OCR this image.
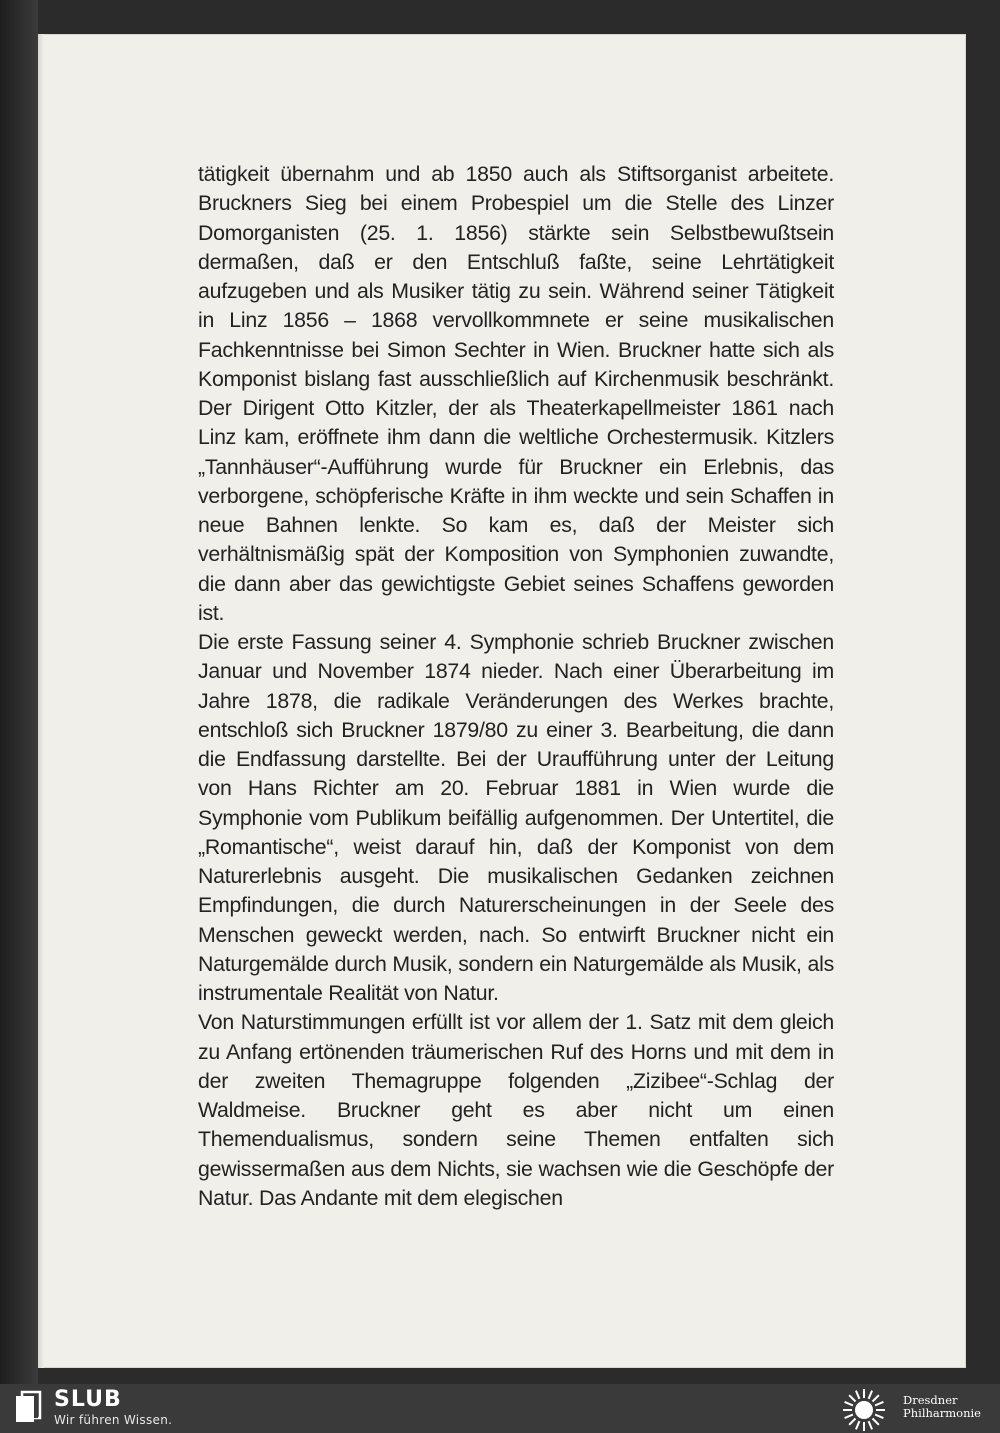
tätigkeit übernahm und ab 1850 auch als Stiftsorganist arbeitete. Bruckners Sieg bei einem Probespiel um die Stelle des Linzer Domorganisten (25. 1. 1856) stärkte sein Selbstbewußtsein dermaßen, daß er den Entschluß faßte, seine Lehrtätigkeit aufzugeben und als Musiker tätig zu sein. Während seiner Tätigkeit in Linz 1856 – 1868 vervollkommnete er seine musikalischen Fachkenntnisse bei Simon Sechter in Wien. Bruckner hatte sich als Komponist bislang fast ausschließlich auf Kirchenmusik beschränkt. Der Dirigent Otto Kitzler, der als Theaterkapellmeister 1861 nach Linz kam, eröffnete ihm dann die weltliche Orchestermusik. Kitzlers „Tannhäuser“-Aufführung wurde für Bruckner ein Erlebnis, das verborgene, schöpferische Kräfte in ihm weckte und sein Schaffen in neue Bahnen lenkte. So kam es, daß der Meister sich verhältnismäßig spät der Komposition von Symphonien zuwandte, die dann aber das gewichtigste Gebiet seines Schaffens geworden ist.

Die erste Fassung seiner 4. Symphonie schrieb Bruckner zwischen Januar und November 1874 nieder. Nach einer Überarbeitung im Jahre 1878, die radikale Veränderungen des Werkes brachte, entschloß sich Bruckner 1879/80 zu einer 3. Bearbeitung, die dann die Endfassung darstellte. Bei der Uraufführung unter der Leitung von Hans Richter am 20. Februar 1881 in Wien wurde die Symphonie vom Publikum beifällig aufgenommen. Der Untertitel, die „Romantische“, weist darauf hin, daß der Komponist von dem Naturerlebnis ausgeht. Die musikalischen Gedanken zeichnen Empfindungen, die durch Naturerscheinungen in der Seele des Menschen geweckt werden, nach. So entwirft Bruckner nicht ein Naturgemälde durch Musik, sondern ein Naturgemälde als Musik, als instrumentale Realität von Natur.

Von Naturstimmungen erfüllt ist vor allem der 1. Satz mit dem gleich zu Anfang ertönenden träumerischen Ruf des Horns und mit dem in der zweiten Themagruppe folgenden „Zizibee“-Schlag der Waldmeise. Bruckner geht es aber nicht um einen Themendualismus, sondern seine Themen entfalten sich gewissermaßen aus dem Nichts, sie wachsen wie die Geschöpfe der Natur. Das Andante mit dem elegischen

SLUB
Wir führen Wissen.
Dresdner
Philharmonie
